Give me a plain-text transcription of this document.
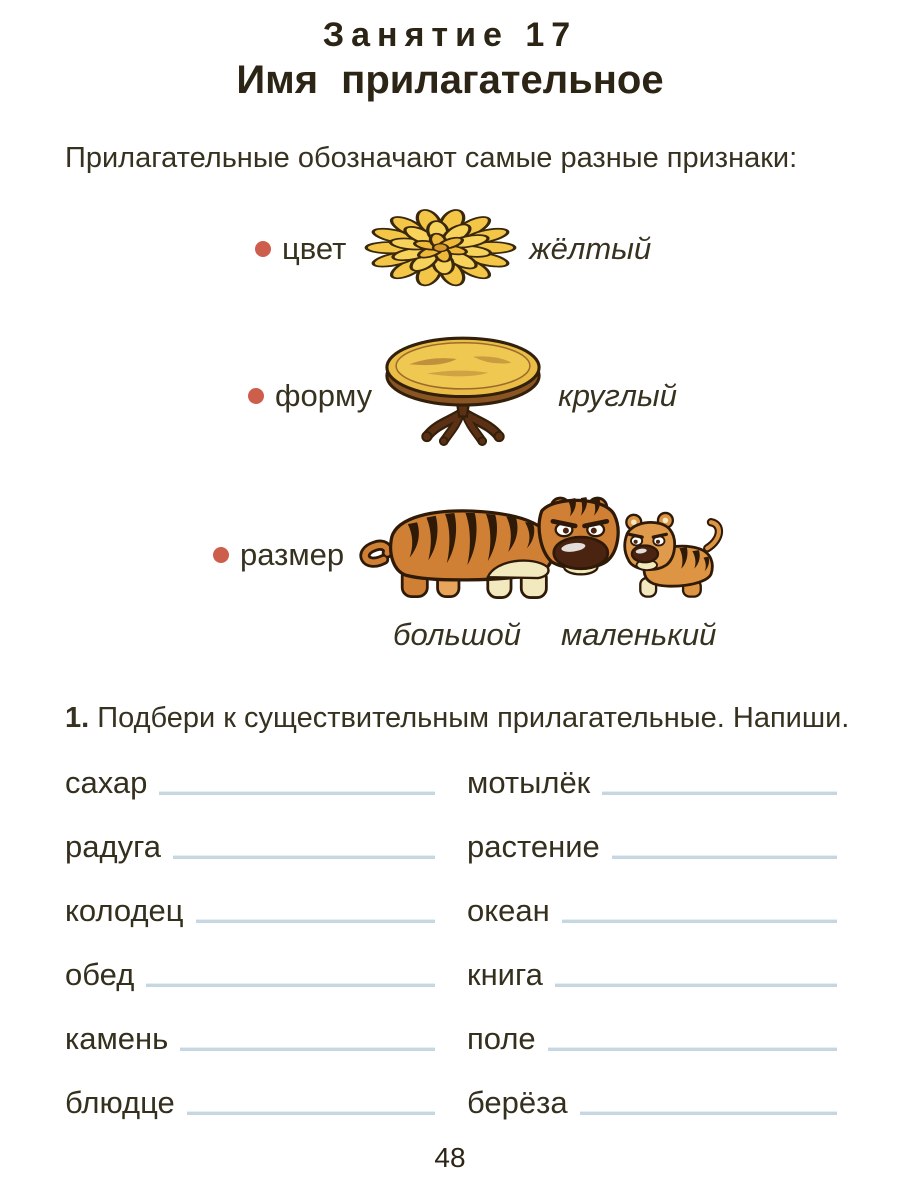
Занятие 17
Имя прилагательное
Прилагательные обозначают самые разные признаки:
цвет	жёлтый
форму	круглый
размер
большой маленький
1. Подбери к существительным прилагательные. Напиши.
сахар
радуга
колодец
обед
камень
блюдце
мотылёк
растение
океан
книга
поле
берёза
48
